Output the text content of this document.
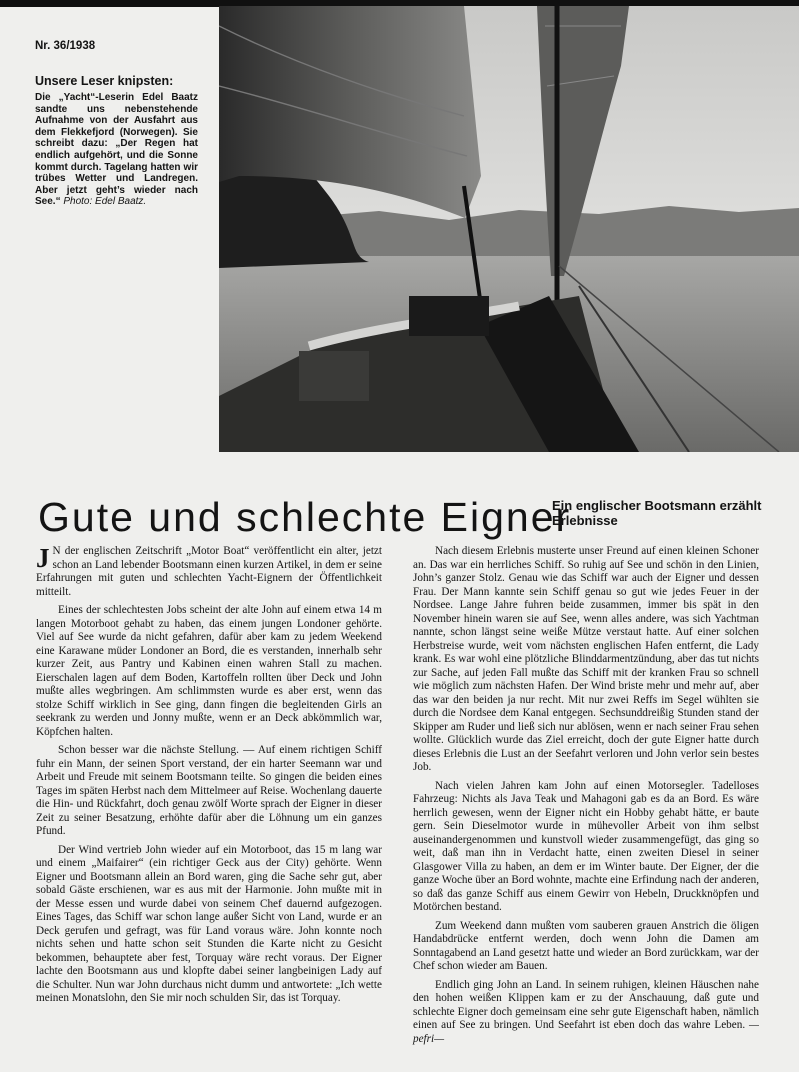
Nr. 36/1938
Unsere Leser knipsten:
Die „Yacht“-Leserin Edel Baatz sandte uns nebenstehende Aufnahme von der Ausfahrt aus dem Flekkefjord (Norwegen). Sie schreibt dazu: „Der Regen hat endlich aufgehört, und die Sonne kommt durch. Tagelang hatten wir trübes Wetter und Landregen. Aber jetzt geht’s wieder nach See.“ Photo: Edel Baatz.
Gute und schlechte Eigner
Ein englischer Bootsmann erzählt Erlebnisse

J N der englischen Zeitschrift „Motor Boat“ veröffentlicht ein alter, jetzt schon an Land lebender Bootsmann einen kurzen Artikel, in dem er seine Erfahrungen mit guten und schlechten Yacht-Eignern der Öffentlichkeit mitteilt.

Eines der schlechtesten Jobs scheint der alte John auf einem etwa 14 m langen Motorboot gehabt zu haben, das einem jungen Londoner gehörte. Viel auf See wurde da nicht gefahren, dafür aber kam zu jedem Weekend eine Karawane müder Londoner an Bord, die es verstanden, innerhalb sehr kurzer Zeit, aus Pantry und Kabinen einen wahren Stall zu machen. Eierschalen lagen auf dem Boden, Kartoffeln rollten über Deck und John mußte alles wegbringen. Am schlimmsten wurde es aber erst, wenn das stolze Schiff wirklich in See ging, dann fingen die begleitenden Girls an seekrank zu werden und Jonny mußte, wenn er an Deck abkömmlich war, Köpfchen halten.

Schon besser war die nächste Stellung. — Auf einem richtigen Schiff fuhr ein Mann, der seinen Sport verstand, der ein harter Seemann war und Arbeit und Freude mit seinem Bootsmann teilte. So gingen die beiden eines Tages im späten Herbst nach dem Mittelmeer auf Reise. Wochenlang dauerte die Hin- und Rückfahrt, doch genau zwölf Worte sprach der Eigner in dieser Zeit zu seiner Besatzung, erhöhte dafür aber die Löhnung um ein ganzes Pfund.

Der Wind vertrieb John wieder auf ein Motorboot, das 15 m lang war und einem „Maifairer“ (ein richtiger Geck aus der City) gehörte. Wenn Eigner und Bootsmann allein an Bord waren, ging die Sache sehr gut, aber sobald Gäste erschienen, war es aus mit der Harmonie. John mußte mit in der Messe essen und wurde dabei von seinem Chef dauernd aufgezogen. Eines Tages, das Schiff war schon lange außer Sicht von Land, wurde er an Deck gerufen und gefragt, was für Land voraus wäre. John konnte noch nichts sehen und hatte schon seit Stunden die Karte nicht zu Gesicht bekommen, behauptete aber fest, Torquay wäre recht voraus. Der Eigner lachte den Bootsmann aus und klopfte dabei seiner langbeinigen Lady auf die Schulter. Nun war John durchaus nicht dumm und antwortete: „Ich wette meinen Monatslohn, den Sie mir noch schulden Sir, das ist Torquay.

Nach diesem Erlebnis musterte unser Freund auf einen kleinen Schoner an. Das war ein herrliches Schiff. So ruhig auf See und schön in den Linien, John’s ganzer Stolz. Genau wie das Schiff war auch der Eigner und dessen Frau. Der Mann kannte sein Schiff genau so gut wie jedes Feuer in der Nordsee. Lange Jahre fuhren beide zusammen, immer bis spät in den November hinein waren sie auf See, wenn alles andere, was sich Yachtman nannte, schon längst seine weiße Mütze verstaut hatte. Auf einer solchen Herbstreise wurde, weit vom nächsten englischen Hafen entfernt, die Lady krank. Es war wohl eine plötzliche Blinddarmentzündung, aber das tut nichts zur Sache, auf jeden Fall mußte das Schiff mit der kranken Frau so schnell wie möglich zum nächsten Hafen. Der Wind briste mehr und mehr auf, aber das war den beiden ja nur recht. Mit nur zwei Reffs im Segel wühlten sie durch die Nordsee dem Kanal entgegen. Sechsunddreißig Stunden stand der Skipper am Ruder und ließ sich nur ablösen, wenn er nach seiner Frau sehen wollte. Glücklich wurde das Ziel erreicht, doch der gute Eigner hatte durch dieses Erlebnis die Lust an der Seefahrt verloren und John verlor sein bestes Job.

Nach vielen Jahren kam John auf einen Motorsegler. Tadelloses Fahrzeug: Nichts als Java Teak und Mahagoni gab es da an Bord. Es wäre herrlich gewesen, wenn der Eigner nicht ein Hobby gehabt hätte, er baute gern. Sein Dieselmotor wurde in mühevoller Arbeit von ihm selbst auseinandergenommen und kunstvoll wieder zusammengefügt, das ging so weit, daß man ihn in Verdacht hatte, einen zweiten Diesel in seiner Glasgower Villa zu haben, an dem er im Winter baute. Der Eigner, der die ganze Woche über an Bord wohnte, machte eine Erfindung nach der anderen, so daß das ganze Schiff aus einem Gewirr von Hebeln, Druckknöpfen und Motörchen bestand.

Zum Weekend dann mußten vom sauberen grauen Anstrich die öligen Handabdrücke entfernt werden, doch wenn John die Damen am Sonntagabend an Land gesetzt hatte und wieder an Bord zurückkam, war der Chef schon wieder am Bauen.

Endlich ging John an Land. In seinem ruhigen, kleinen Häuschen nahe den hohen weißen Klippen kam er zu der Anschauung, daß gute und schlechte Eigner doch gemeinsam eine sehr gute Eigenschaft haben, nämlich einen auf See zu bringen. Und Seefahrt ist eben doch das wahre Leben. —pefri—
